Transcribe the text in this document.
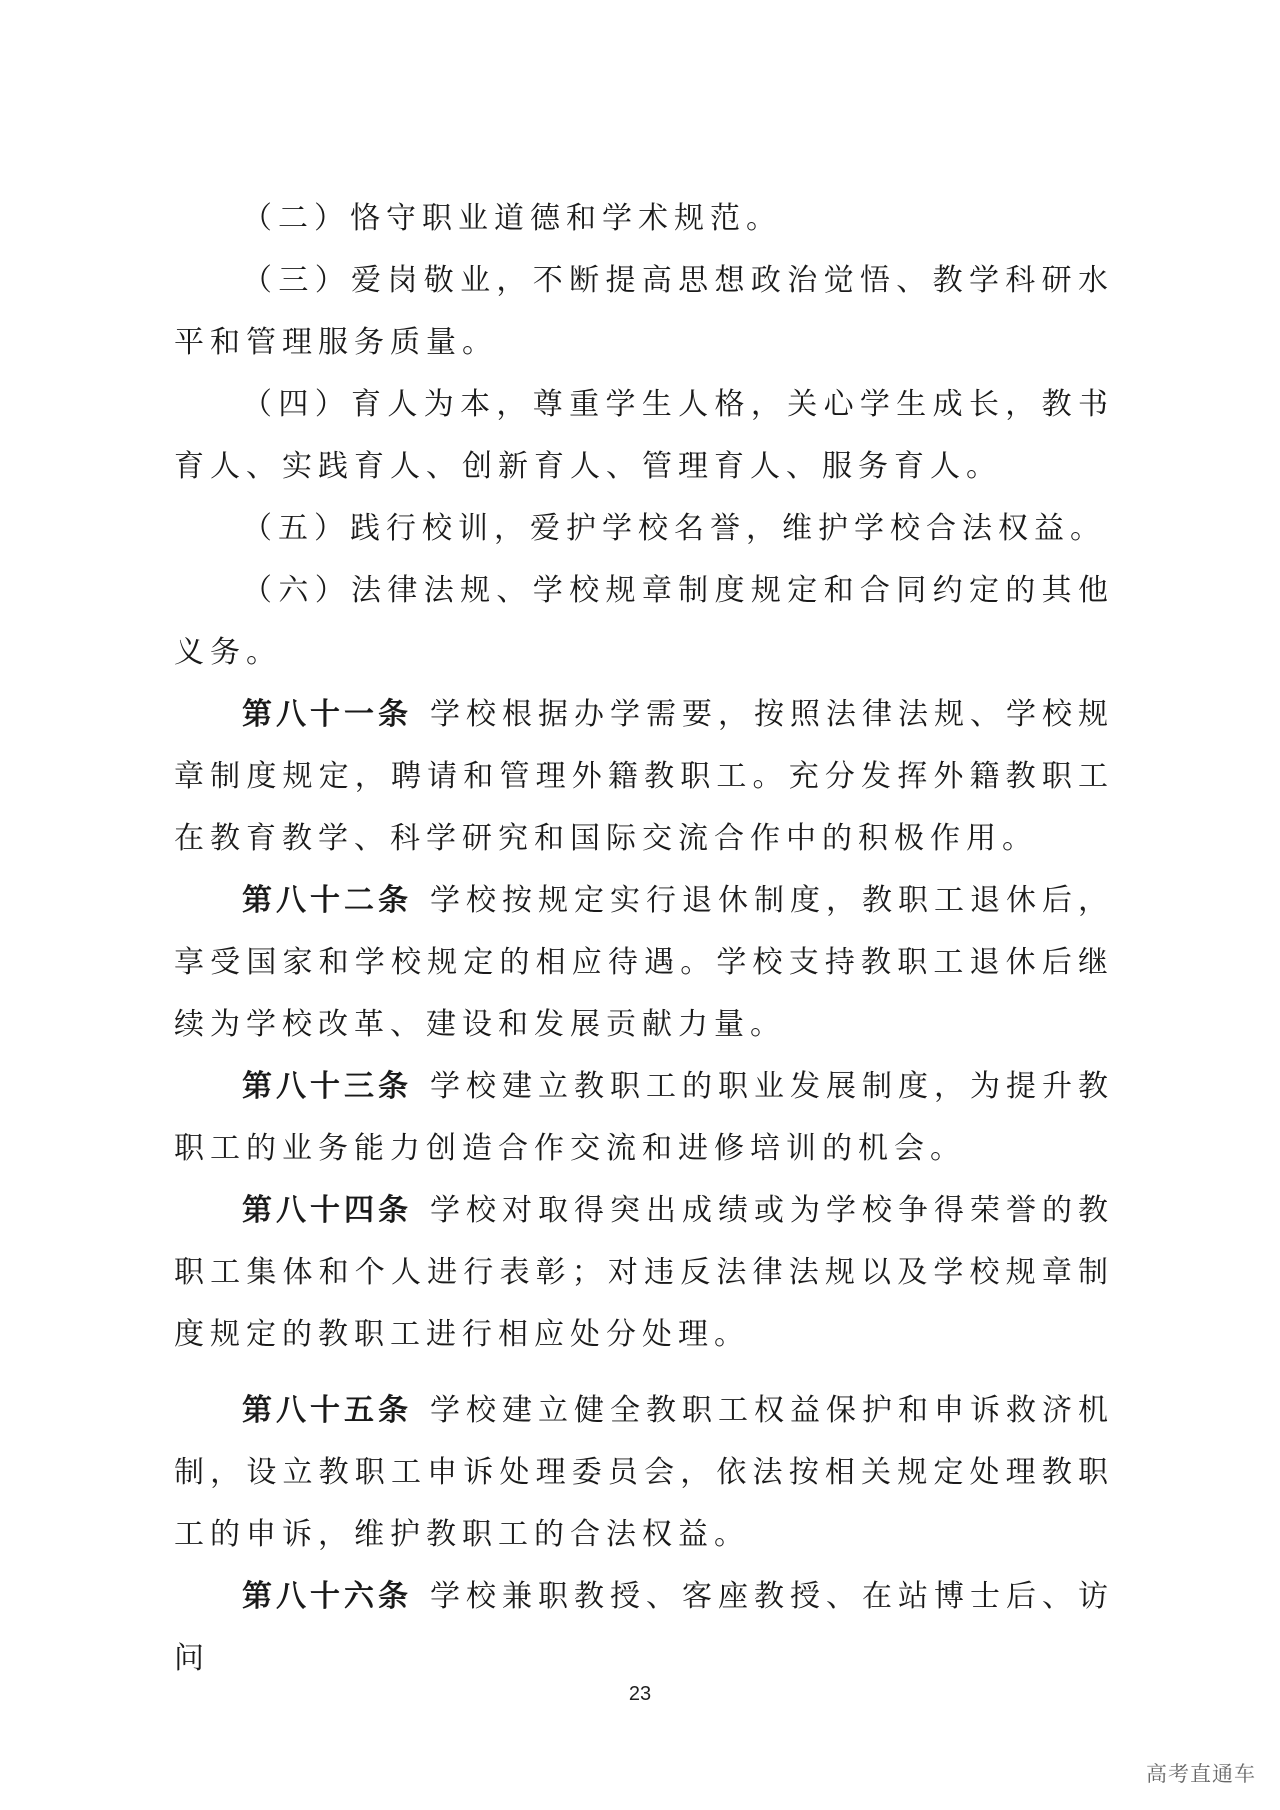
（二）恪守职业道德和学术规范。

（三）爱岗敬业，不断提高思想政治觉悟、教学科研水平和管理服务质量。

（四）育人为本，尊重学生人格，关心学生成长，教书育人、实践育人、创新育人、管理育人、服务育人。

（五）践行校训，爱护学校名誉，维护学校合法权益。

（六）法律法规、学校规章制度规定和合同约定的其他义务。

第八十一条 学校根据办学需要，按照法律法规、学校规章制度规定，聘请和管理外籍教职工。充分发挥外籍教职工在教育教学、科学研究和国际交流合作中的积极作用。

第八十二条 学校按规定实行退休制度，教职工退休后，享受国家和学校规定的相应待遇。学校支持教职工退休后继续为学校改革、建设和发展贡献力量。

第八十三条 学校建立教职工的职业发展制度，为提升教职工的业务能力创造合作交流和进修培训的机会。

第八十四条 学校对取得突出成绩或为学校争得荣誉的教职工集体和个人进行表彰；对违反法律法规以及学校规章制度规定的教职工进行相应处分处理。

第八十五条 学校建立健全教职工权益保护和申诉救济机制，设立教职工申诉处理委员会，依法按相关规定处理教职工的申诉，维护教职工的合法权益。

第八十六条 学校兼职教授、客座教授、在站博士后、访问

23
高考直通车
